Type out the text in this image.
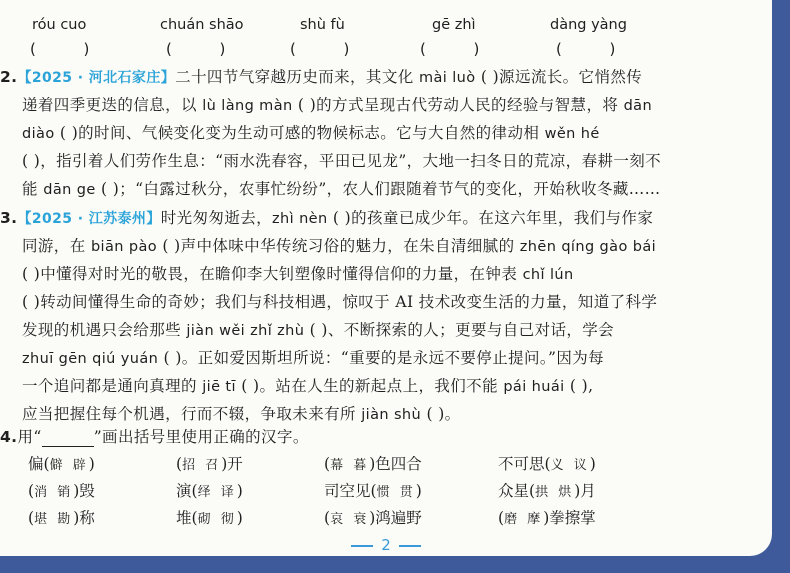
róu cuo	chuán shāo	shù fù	gē zhì	dàng yàng
(          )	(          )	(          )	(          )	(          )
2.【2025 · 河北石家庄】二十四节气穿越历史而来，其文化 mài luò ( )源远流长。它悄然传
递着四季更迭的信息，以 lù làng màn ( )的方式呈现古代劳动人民的经验与智慧，将 dān
diào ( )的时间、气候变化变为生动可感的物候标志。它与大自然的律动相 wěn hé
( )，指引着人们劳作生息：“雨水洗春容，平田已见龙”，大地一扫冬日的荒凉，春耕一刻不
能 dān ge ( )；“白露过秋分，农事忙纷纷”，农人们跟随着节气的变化，开始秋收冬藏……
3.【2025 · 江苏泰州】时光匆匆逝去，zhì nèn ( )的孩童已成少年。在这六年里，我们与作家
同游，在 biān pào ( )声中体味中华传统习俗的魅力，在朱自清细腻的 zhēn qíng gào bái
( )中懂得对时光的敬畏，在瞻仰李大钊塑像时懂得信仰的力量，在钟表 chǐ lún
( )转动间懂得生命的奇妙；我们与科技相遇，惊叹于 AI 技术改变生活的力量，知道了科学
发现的机遇只会给那些 jiàn wěi zhǐ zhù ( )、不断探索的人；更要与自己对话，学会
zhuī gēn qiú yuán ( )。正如爱因斯坦所说：“重要的是永远不要停止提问。”因为每
一个追问都是通向真理的 jiē tī ( )。站在人生的新起点上，我们不能 pái huái ( ),
应当把握住每个机遇，行而不辍，争取未来有所 jiàn shù ( )。
4.用“	”画出括号里使用正确的汉字。
偏(僻 辟)	(招 召)开	(幕 暮)色四合	不可思(义 议)
(消 销)毁	演(绎 译)	司空见(惯 贯)	众星(拱 烘)月
(堪 勘)称	堆(砌 彻)	(哀 衰)鸿遍野	(磨 摩)拳擦掌
2
